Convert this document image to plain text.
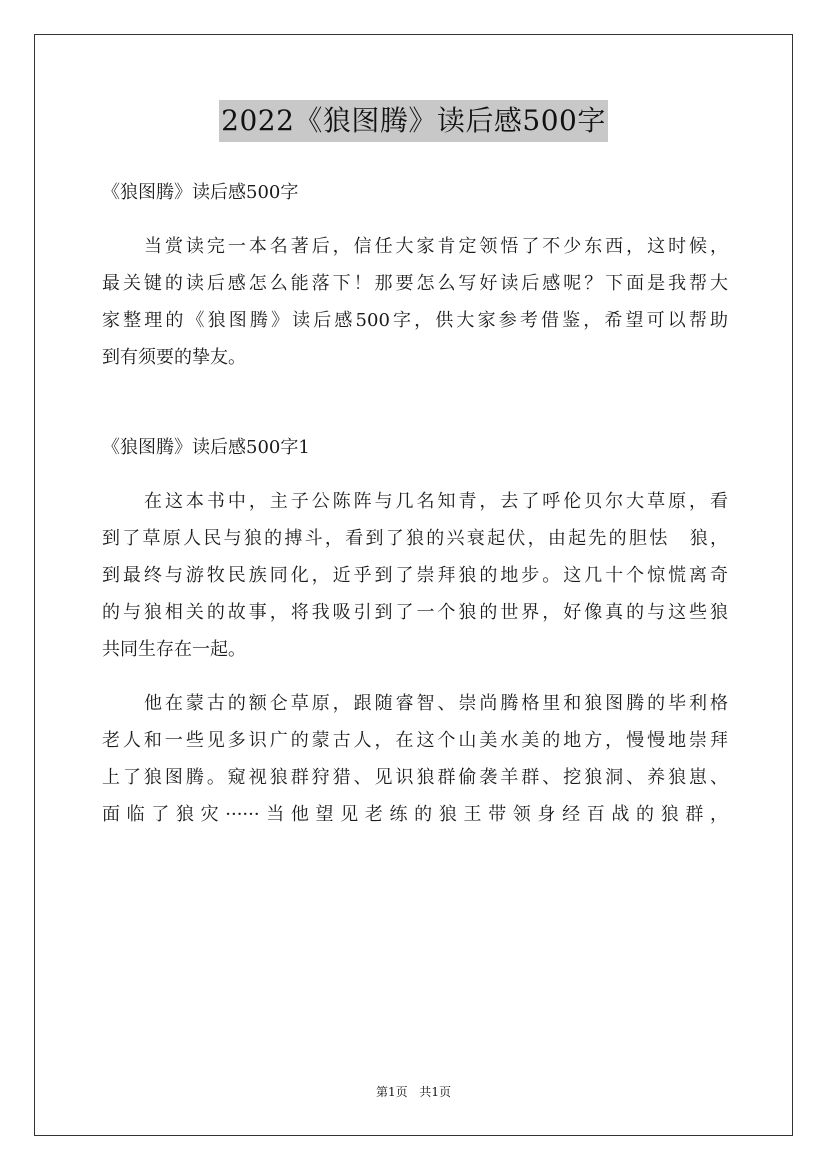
2022《狼图腾》读后感500字

《狼图腾》读后感500字

当赏读完一本名著后，信任大家肯定领悟了不少东西，这时候，

最关键的读后感怎么能落下！那要怎么写好读后感呢？下面是我帮大

家整理的《狼图腾》读后感500字，供大家参考借鉴，希望可以帮助

到有须要的挚友。

《狼图腾》读后感500字1

在这本书中，主子公陈阵与几名知青，去了呼伦贝尔大草原，看

到了草原人民与狼的搏斗，看到了狼的兴衰起伏，由起先的胆怯　狼，

到最终与游牧民族同化，近乎到了崇拜狼的地步。这几十个惊慌离奇

的与狼相关的故事，将我吸引到了一个狼的世界，好像真的与这些狼

共同生存在一起。

他在蒙古的额仑草原，跟随睿智、崇尚腾格里和狼图腾的毕利格

老人和一些见多识广的蒙古人，在这个山美水美的地方，慢慢地崇拜

上了狼图腾。窥视狼群狩猎、见识狼群偷袭羊群、挖狼洞、养狼崽、

面临了狼灾······当他望见老练的狼王带领身经百战的狼群，

第1页 共1页
